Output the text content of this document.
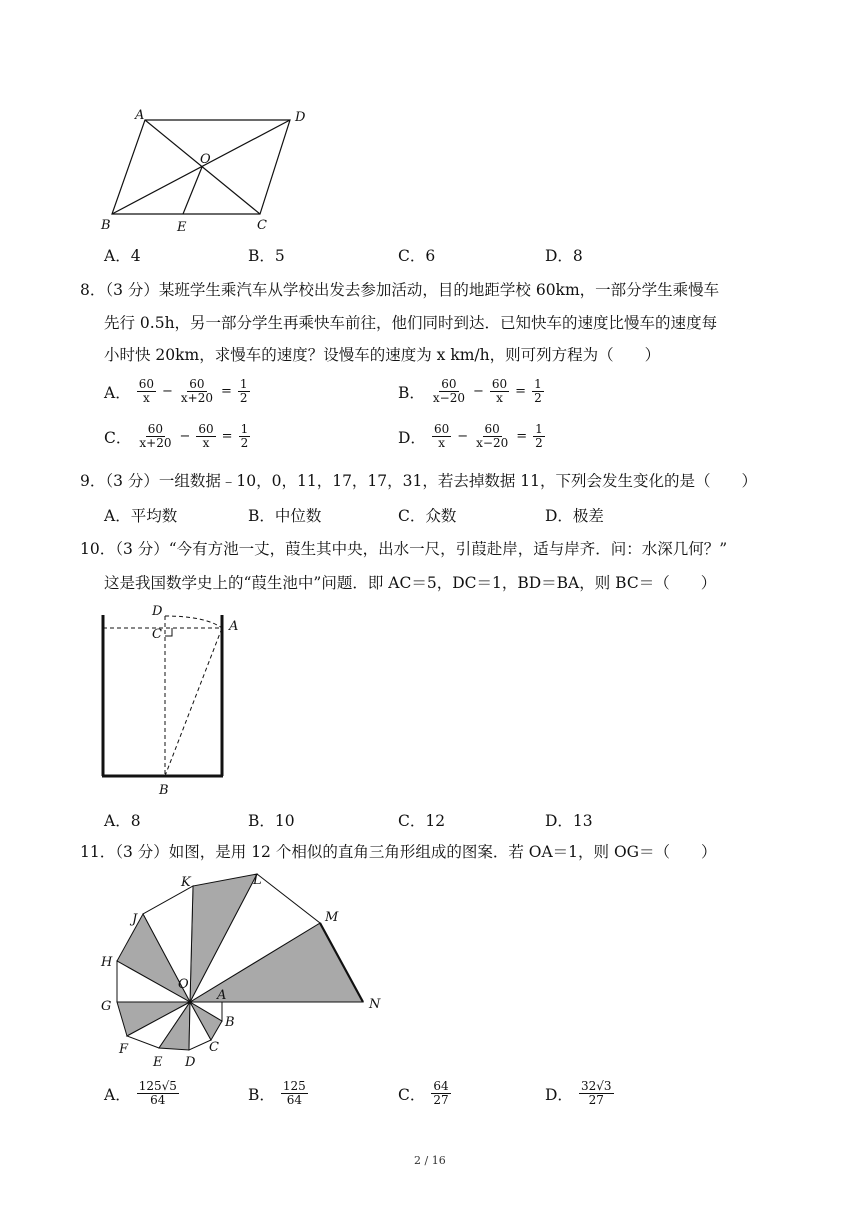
A	D
O
B	E	C
A．4	B．5	C．6	D．8
8．（3 分）某班学生乘汽车从学校出发去参加活动，目的地距学校 60km，一部分学生乘慢车
先行 0.5h，另一部分学生再乘快车前往，他们同时到达．已知快车的速度比慢车的速度每
小时快 20km，求慢车的速度？设慢车的速度为 x km/h，则可列方程为（　　）
A． $\frac{60}{x} - \frac{60}{x+20} = \frac{1}{2}$	B． $\frac{60}{x-20} - \frac{60}{x} = \frac{1}{2}$
C． $\frac{60}{x+20} - \frac{60}{x} = \frac{1}{2}$	D． $\frac{60}{x} - \frac{60}{x-20} = \frac{1}{2}$
9．（3 分）一组数据﹣10，0，11，17，17，31，若去掉数据 11，下列会发生变化的是（　　）
A．平均数	B．中位数	C．众数	D．极差
10．（3 分）“今有方池一丈，葭生其中央，出水一尺，引葭赴岸，适与岸齐．问：水深几何？”
这是我国数学史上的“葭生池中”问题．即 AC＝5，DC＝1，BD＝BA，则 BC＝（　　）
D
C
A
B
A．8	B．10	C．12	D．13
11．（3 分）如图，是用 12 个相似的直角三角形组成的图案．若 OA＝1，则 OG＝（　　）
K	L
J	M
H
O
A
N
G
B
F	C
E D
A． $\frac{125√5}{64}$	B． $\frac{125}{64}$	C． $\frac{64}{27}$	D． $\frac{32√3}{27}$
2 / 16
